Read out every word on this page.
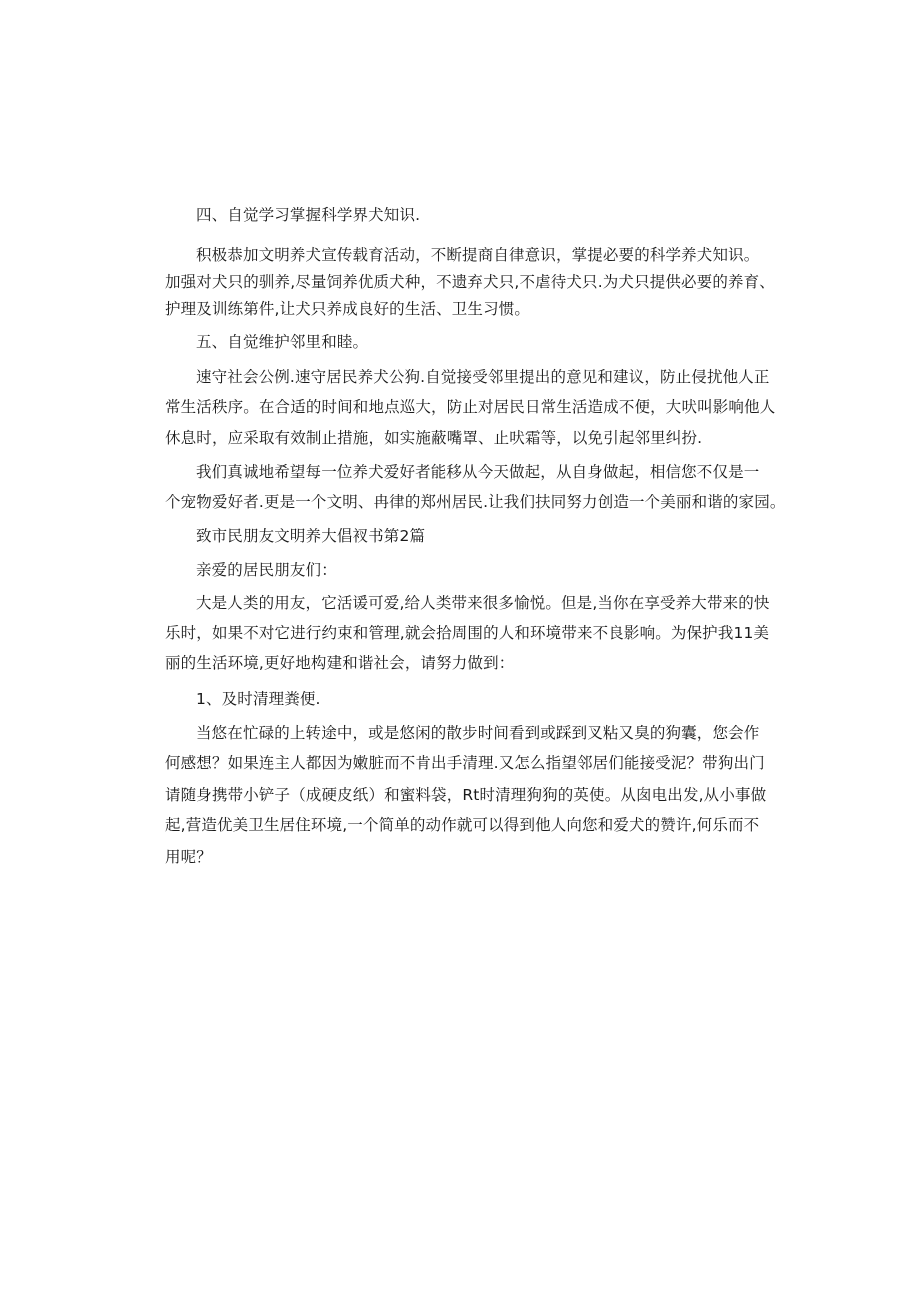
四、自觉学习掌握科学界犬知识.

积极恭加文明养犬宣传载育活动，不断提商自律意识，掌提必要的科学养犬知识。

加强对犬只的驯养,尽量饲养优质犬种，不遗弃犬只,不虐待犬只.为犬只提供必要的养育、

护理及训练第件,让犬只养成良好的生活、卫生习惯。

五、自觉维护邻里和睦。

速守社会公例.速守居民养犬公狗.自觉接受邻里提出的意见和建议，防止侵扰他人正

常生活秩序。在合适的时间和地点巡大，防止对居民日常生活造成不便，大吠叫影响他人

休息时，应采取有效制止措施，如实施蔽嘴罩、止吠霜等，以免引起邻里纠扮.

我们真诚地希望每一位养犬爱好者能移从今天做起，从自身做起，相信您不仅是一

个宠物爱好者.更是一个文明、冉律的郑州居民.让我们扶同努力创造一个美丽和谐的家园。

致市民朋友文明养大倡衩书第2篇

亲爱的居民朋友们：

大是人类的用友，它活谖可爱,给人类带来很多愉悦。但是,当你在享受养大带来的快

乐时，如果不对它进行约束和管理,就会拾周围的人和环境带来不良影响。为保护我11美

丽的生活环境,更好地构建和谐社会，请努力做到：

1、及时清理粪便.

当悠在忙碌的上转途中，或是悠闲的散步时间看到或踩到叉粘又臭的狗囊，您会作

何感想？如果连主人都因为嫩脏而不肯出手清理.又怎么指望邻居们能接受泥？带狗出门

请随身携带小铲子（成硬皮纸）和蜜料袋，Rt时清理狗狗的英使。从囱电出发,从小事做

起,营造优美卫生居住环境,一个简单的动作就可以得到他人向您和爱犬的赞许,何乐而不

用呢？
